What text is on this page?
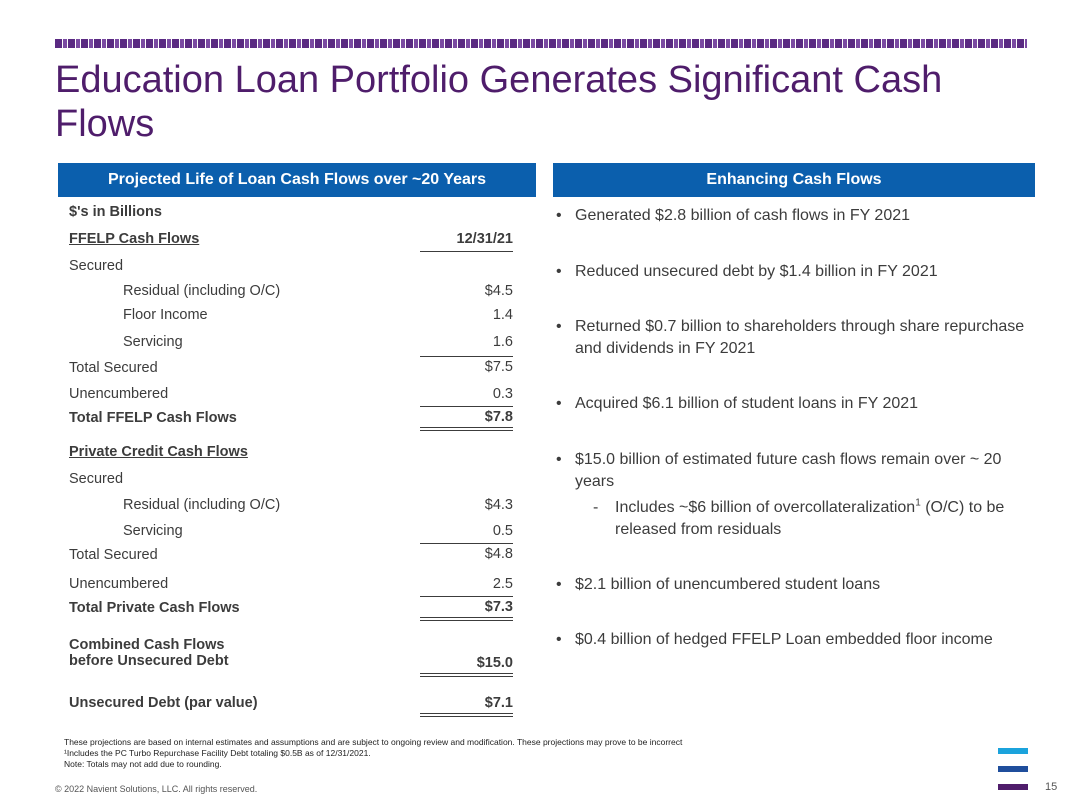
Education Loan Portfolio Generates Significant Cash Flows
Projected Life of Loan Cash Flows over ~20 Years	Enhancing Cash Flows
$'s in Billions
FFELP Cash Flows	12/31/21
Secured
Residual (including O/C)	$4.5
Floor Income	1.4
Servicing	1.6
Total Secured	$7.5
Unencumbered	0.3
Total FFELP Cash Flows	$7.8
Private Credit Cash Flows
Secured
Residual (including O/C)	$4.3
Servicing	0.5
Total Secured	$4.8
Unencumbered	2.5
Total Private Cash Flows	$7.3
Combined Cash Flows
before Unsecured Debt	$15.0
Unsecured Debt (par value)	$7.1
• Generated $2.8 billion of cash flows in FY 2021
• Reduced unsecured debt by $1.4 billion in FY 2021
• Returned $0.7 billion to shareholders through share repurchase and dividends in FY 2021
• Acquired $6.1 billion of student loans in FY 2021
• $15.0 billion of estimated future cash flows remain over ~ 20 years
- Includes ~$6 billion of overcollateralization$^1$ (O/C) to be released from residuals
• $2.1 billion of unencumbered student loans
• $0.4 billion of hedged FFELP Loan embedded floor income
These projections are based on internal estimates and assumptions and are subject to ongoing review and modification. These projections may prove to be incorrect
¹Includes the PC Turbo Repurchase Facility Debt totaling $0.5B as of 12/31/2021.
Note: Totals may not add due to rounding.
© 2022 Navient Solutions, LLC. All rights reserved.	15
